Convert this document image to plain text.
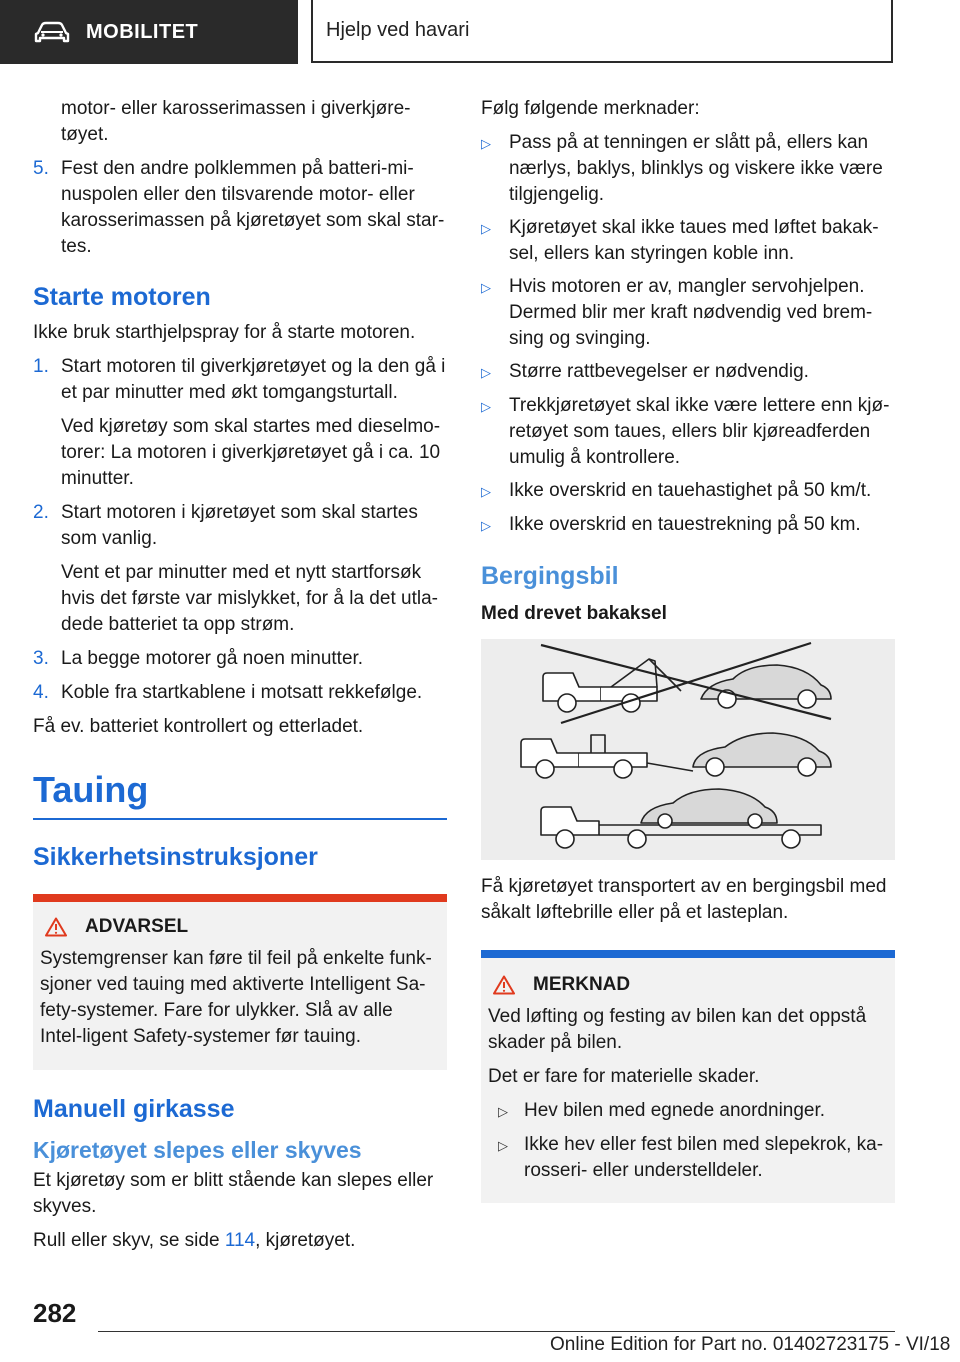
MOBILITET	Hjelp ved havari
motor- eller karosserimassen i giverkjøre-tøyet.
5. Fest den andre polklemmen på batteri-mi-nuspolen eller den tilsvarende motor- eller karosserimassen på kjøretøyet som skal star-tes.
Starte motoren

Ikke bruk starthjelpspray for å starte motoren.

1. Start motoren til giverkjøretøyet og la den gå i et par minutter med økt tomgangsturtall.

Ved kjøretøy som skal startes med dieselmo-torer: La motoren i giverkjøretøyet gå i ca. 10 minutter.

2. Start motoren i kjøretøyet som skal startes som vanlig.

Vent et par minutter med et nytt startforsøk hvis det første var mislykket, for å la det utla-dede batteriet ta opp strøm.

3. La begge motorer gå noen minutter.
4. Koble fra startkablene i motsatt rekkefølge.

Få ev. batteriet kontrollert og etterladet.

Tauing
Sikkerhetsinstruksjoner
ADVARSEL

Systemgrenser kan føre til feil på enkelte funk-sjoner ved tauing med aktiverte Intelligent Sa-fety-systemer. Fare for ulykker. Slå av alle Intel-ligent Safety-systemer før tauing.

Manuell girkasse
Kjøretøyet slepes eller skyves

Et kjøretøy som er blitt stående kan slepes eller skyves.

Rull eller skyv, se side 114, kjøretøyet.

Følg følgende merknader:

▷ Pass på at tenningen er slått på, ellers kan nærlys, baklys, blinklys og viskere ikke være tilgjengelig.
▷ Kjøretøyet skal ikke taues med løftet bakak-sel, ellers kan styringen koble inn.
▷ Hvis motoren er av, mangler servohjelpen. Dermed blir mer kraft nødvendig ved brem-sing og svinging.
▷ Større rattbevegelser er nødvendig.
▷ Trekkjøretøyet skal ikke være lettere enn kjø-retøyet som taues, ellers blir kjøreadferden umulig å kontrollere.
▷ Ikke overskrid en tauehastighet på 50 km/t.
▷ Ikke overskrid en tauestrekning på 50 km.
Bergingsbil

Med drevet bakaksel

Få kjøretøyet transportert av en bergingsbil med såkalt løftebrille eller på et lasteplan.

MERKNAD

Ved løfting og festing av bilen kan det oppstå skader på bilen.

Det er fare for materielle skader.

▷ Hev bilen med egnede anordninger.
▷ Ikke hev eller fest bilen med slepekrok, ka-rosseri- eller understelldeler.
282
Online Edition for Part no. 01402723175 - VI/18
